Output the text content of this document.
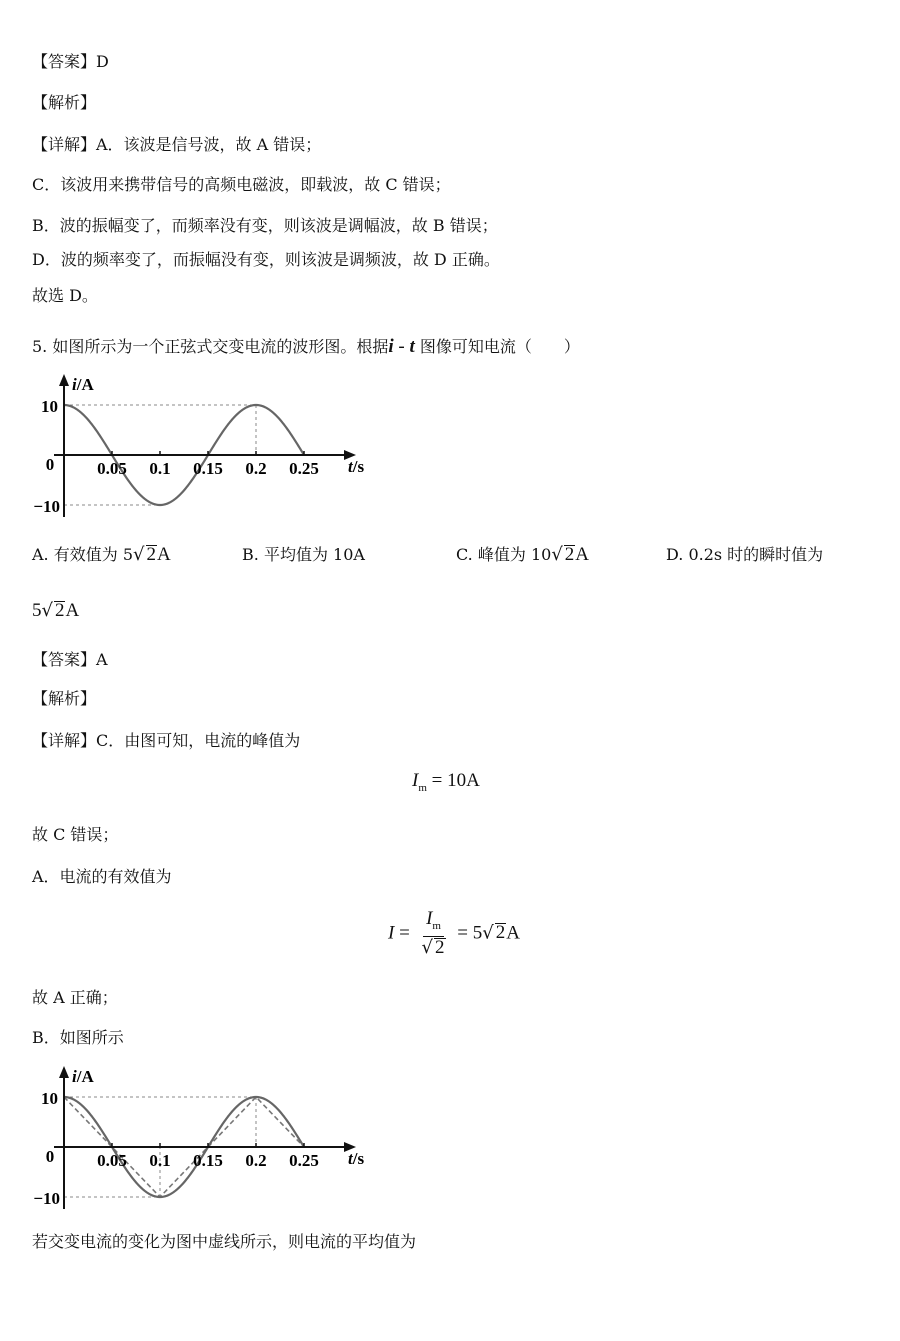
【答案】D
【解析】
【详解】A．该波是信号波，故 A 错误；
C．该波用来携带信号的高频电磁波，即载波，故 C 错误；
B．波的振幅变了，而频率没有变，则该波是调幅波，故 B 错误；
D．波的频率变了，而振幅没有变，则该波是调频波，故 D 正确。
故选 D。
5. 如图所示为一个正弦式交变电流的波形图。根据i - t 图像可知电流（　　）
i/A
t/s
0
10
−10
0.05 0.1 0.15 0.2 0.25
A. 有效值为 5√ 2A	B. 平均值为 10A	C. 峰值为 10√ 2A	D. 0.2s 时的瞬时值为
5√ 2A
【答案】A
【解析】
【详解】C．由图可知，电流的峰值为
$I_m = 10A$
故 C 错误；
A．电流的有效值为
$I = \frac{I_m}{√ 2} = 5√$ 2A
故 A 正确；
B．如图所示
i/A
t/s
0
10
−10
0.05 0.1 0.15 0.2 0.25
若交变电流的变化为图中虚线所示，则电流的平均值为
